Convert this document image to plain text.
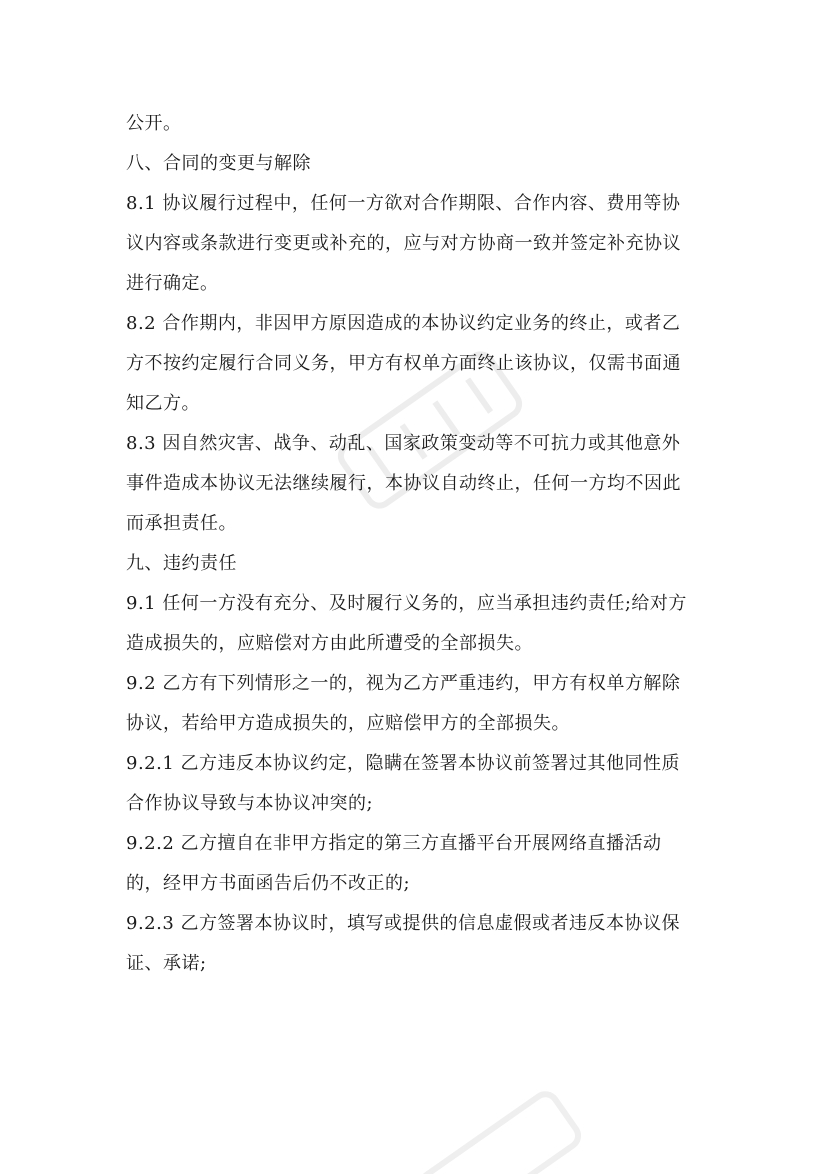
公开。
八、合同的变更与解除
8.1 协议履行过程中，任何一方欲对合作期限、合作内容、费用等协
议内容或条款进行变更或补充的，应与对方协商一致并签定补充协议
进行确定。
8.2 合作期内，非因甲方原因造成的本协议约定业务的终止，或者乙
方不按约定履行合同义务，甲方有权单方面终止该协议，仅需书面通
知乙方。
8.3 因自然灾害、战争、动乱、国家政策变动等不可抗力或其他意外
事件造成本协议无法继续履行，本协议自动终止，任何一方均不因此
而承担责任。
九、违约责任
9.1 任何一方没有充分、及时履行义务的，应当承担违约责任;给对方
造成损失的，应赔偿对方由此所遭受的全部损失。
9.2 乙方有下列情形之一的，视为乙方严重违约，甲方有权单方解除
协议，若给甲方造成损失的，应赔偿甲方的全部损失。
9.2.1 乙方违反本协议约定，隐瞒在签署本协议前签署过其他同性质
合作协议导致与本协议冲突的;
9.2.2 乙方擅自在非甲方指定的第三方直播平台开展网络直播活动
的，经甲方书面函告后仍不改正的;
9.2.3 乙方签署本协议时，填写或提供的信息虚假或者违反本协议保
证、承诺;
